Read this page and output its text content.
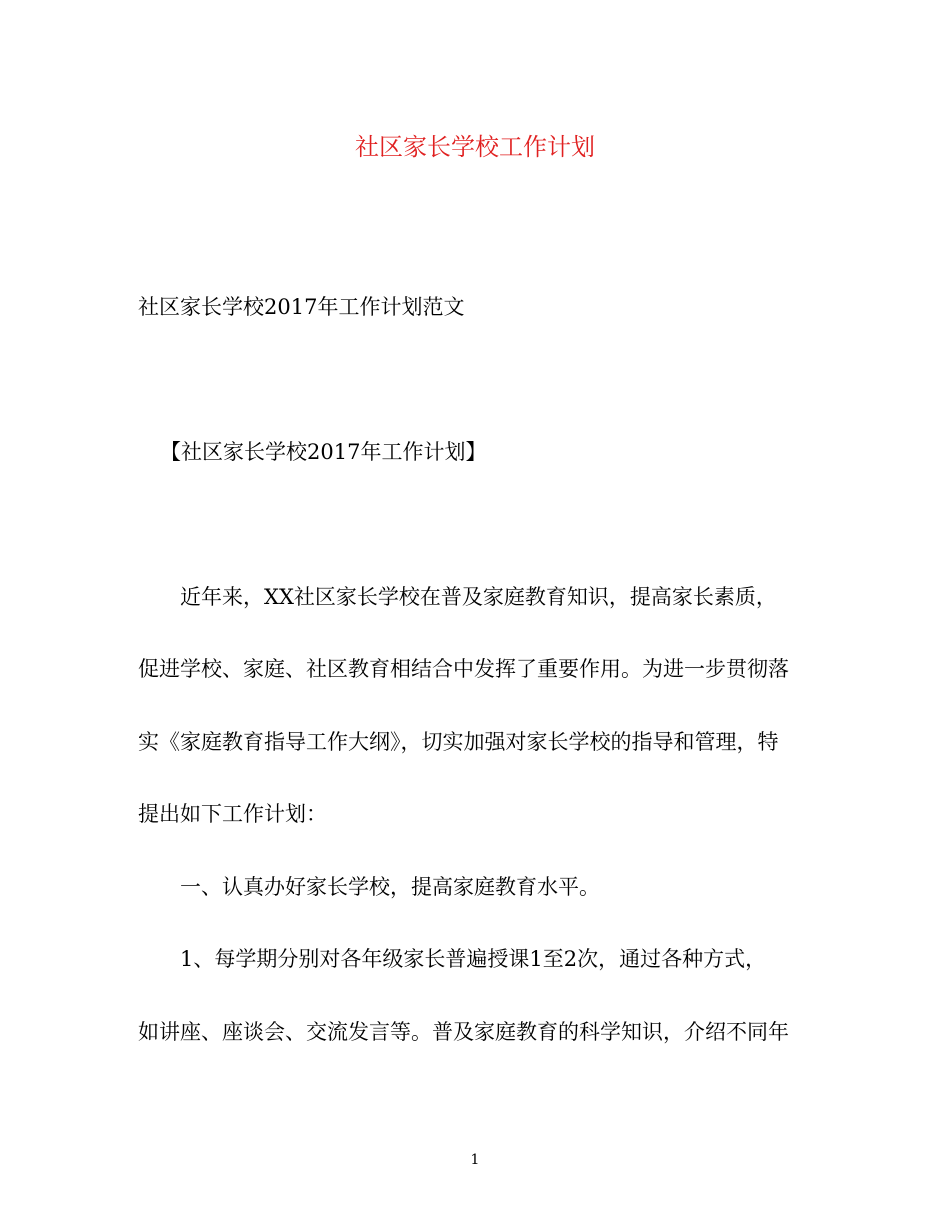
社区家长学校工作计划
社区家长学校2017年工作计划范文
【社区家长学校2017年工作计划】
近年来，XX社区家长学校在普及家庭教育知识，提高家长素质，
促进学校、家庭、社区教育相结合中发挥了重要作用。为进一步贯彻落
实《家庭教育指导工作大纲》，切实加强对家长学校的指导和管理，特
提出如下工作计划：
一、认真办好家长学校，提高家庭教育水平。
1、每学期分别对各年级家长普遍授课1至2次，通过各种方式，
如讲座、座谈会、交流发言等。普及家庭教育的科学知识，介绍不同年
1
